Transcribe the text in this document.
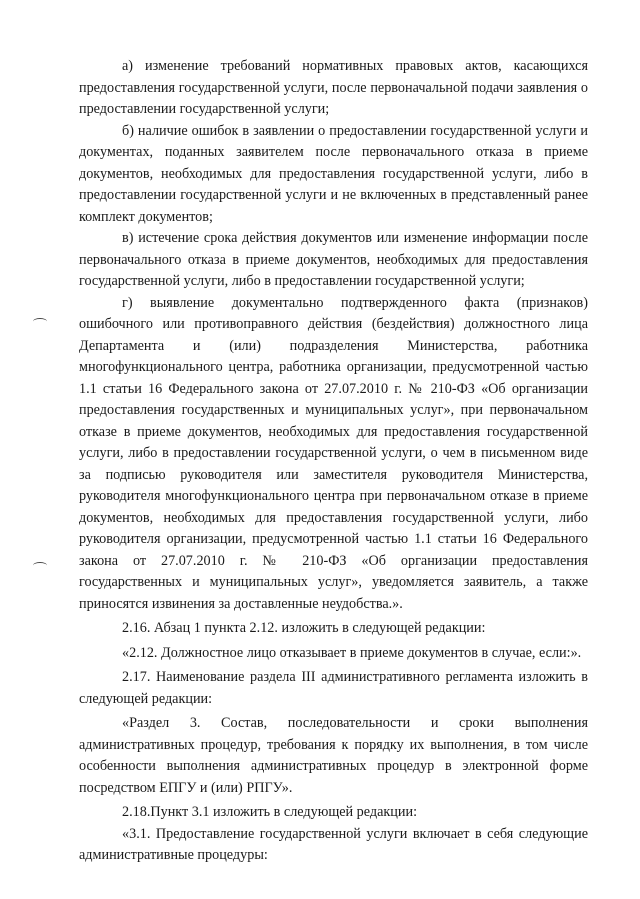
а) изменение требований нормативных правовых актов, касающихся предоставления государственной услуги, после первоначальной подачи заявления о предоставлении государственной услуги;

б) наличие ошибок в заявлении о предоставлении государственной услуги и документах, поданных заявителем после первоначального отказа в приеме документов, необходимых для предоставления государственной услуги, либо в предоставлении государственной услуги и не включенных в представленный ранее комплект документов;

в) истечение срока действия документов или изменение информации после первоначального отказа в приеме документов, необходимых для предоставления государственной услуги, либо в предоставлении государственной услуги;

г) выявление документально подтвержденного факта (признаков) ошибочного или противоправного действия (бездействия) должностного лица Департамента и (или) подразделения Министерства, работника многофункционального центра, работника организации, предусмотренной частью 1.1 статьи 16 Федерального закона от 27.07.2010 г. № 210-ФЗ «Об организации предоставления государственных и муниципальных услуг», при первоначальном отказе в приеме документов, необходимых для предоставления государственной услуги, либо в предоставлении государственной услуги, о чем в письменном виде за подписью руководителя или заместителя руководителя Министерства, руководителя многофункционального центра при первоначальном отказе в приеме документов, необходимых для предоставления государственной услуги, либо руководителя организации, предусмотренной частью 1.1 статьи 16 Федерального закона от 27.07.2010 г. № 210-ФЗ «Об организации предоставления государственных и муниципальных услуг», уведомляется заявитель, а также приносятся извинения за доставленные неудобства.».

2.16. Абзац 1 пункта 2.12. изложить в следующей редакции:

«2.12. Должностное лицо отказывает в приеме документов в случае, если:».

2.17. Наименование раздела III административного регламента изложить в следующей редакции:

«Раздел 3. Состав, последовательности и сроки выполнения административных процедур, требования к порядку их выполнения, в том числе особенности выполнения административных процедур в электронной форме посредством ЕПГУ и (или) РПГУ».

2.18.Пункт 3.1 изложить в следующей редакции:

«3.1. Предоставление государственной услуги включает в себя следующие административные процедуры:
